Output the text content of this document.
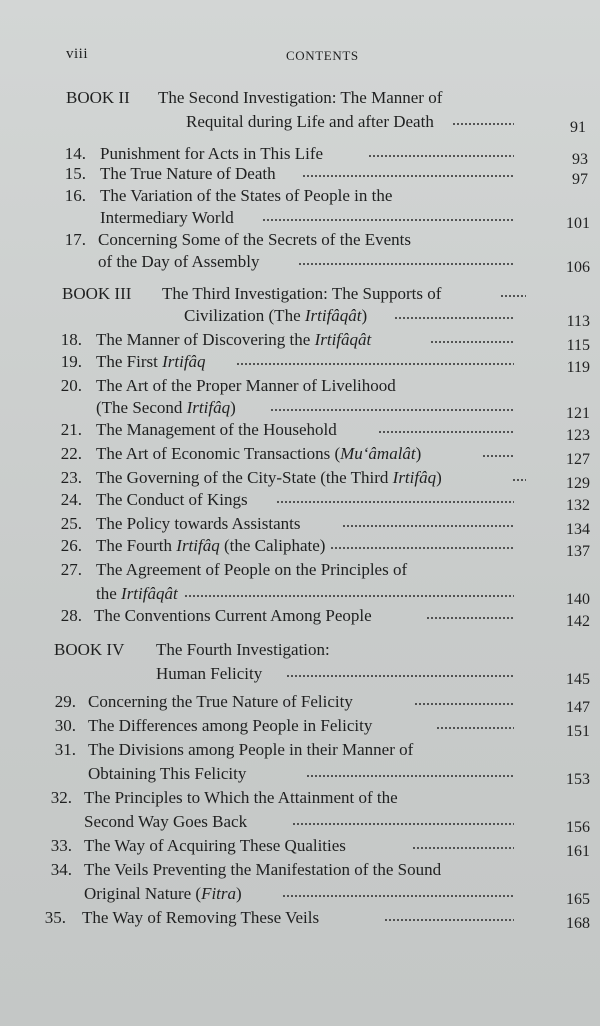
viii	CONTENTS
BOOK II The Second Investigation: The Manner of
Requital during Life and after Death	91
14. Punishment for Acts in This Life	93
15. The True Nature of Death	97
16. The Variation of the States of People in the
Intermediary World	101
17. Concerning Some of the Secrets of the Events
of the Day of Assembly	106
BOOK III The Third Investigation: The Supports of
Civilization (The Irtifâqât)	113
18. The Manner of Discovering the Irtifâqât	115
19. The First Irtifâq	119
20. The Art of the Proper Manner of Livelihood
(The Second Irtifâq)	121
21. The Management of the Household	123
22. The Art of Economic Transactions (Mu‘âmalât)	127
23. The Governing of the City-State (the Third Irtifâq)	129
24. The Conduct of Kings	132
25. The Policy towards Assistants	134
26. The Fourth Irtifâq (the Caliphate)	137
27. The Agreement of People on the Principles of
the Irtifâqât	140
28. The Conventions Current Among People	142
BOOK IV The Fourth Investigation:
Human Felicity	145
29. Concerning the True Nature of Felicity	147
30. The Differences among People in Felicity	151
31. The Divisions among People in their Manner of
Obtaining This Felicity	153
32. The Principles to Which the Attainment of the
Second Way Goes Back	156
33. The Way of Acquiring These Qualities	161
34. The Veils Preventing the Manifestation of the Sound
Original Nature (Fitra)	165
35. The Way of Removing These Veils	168
